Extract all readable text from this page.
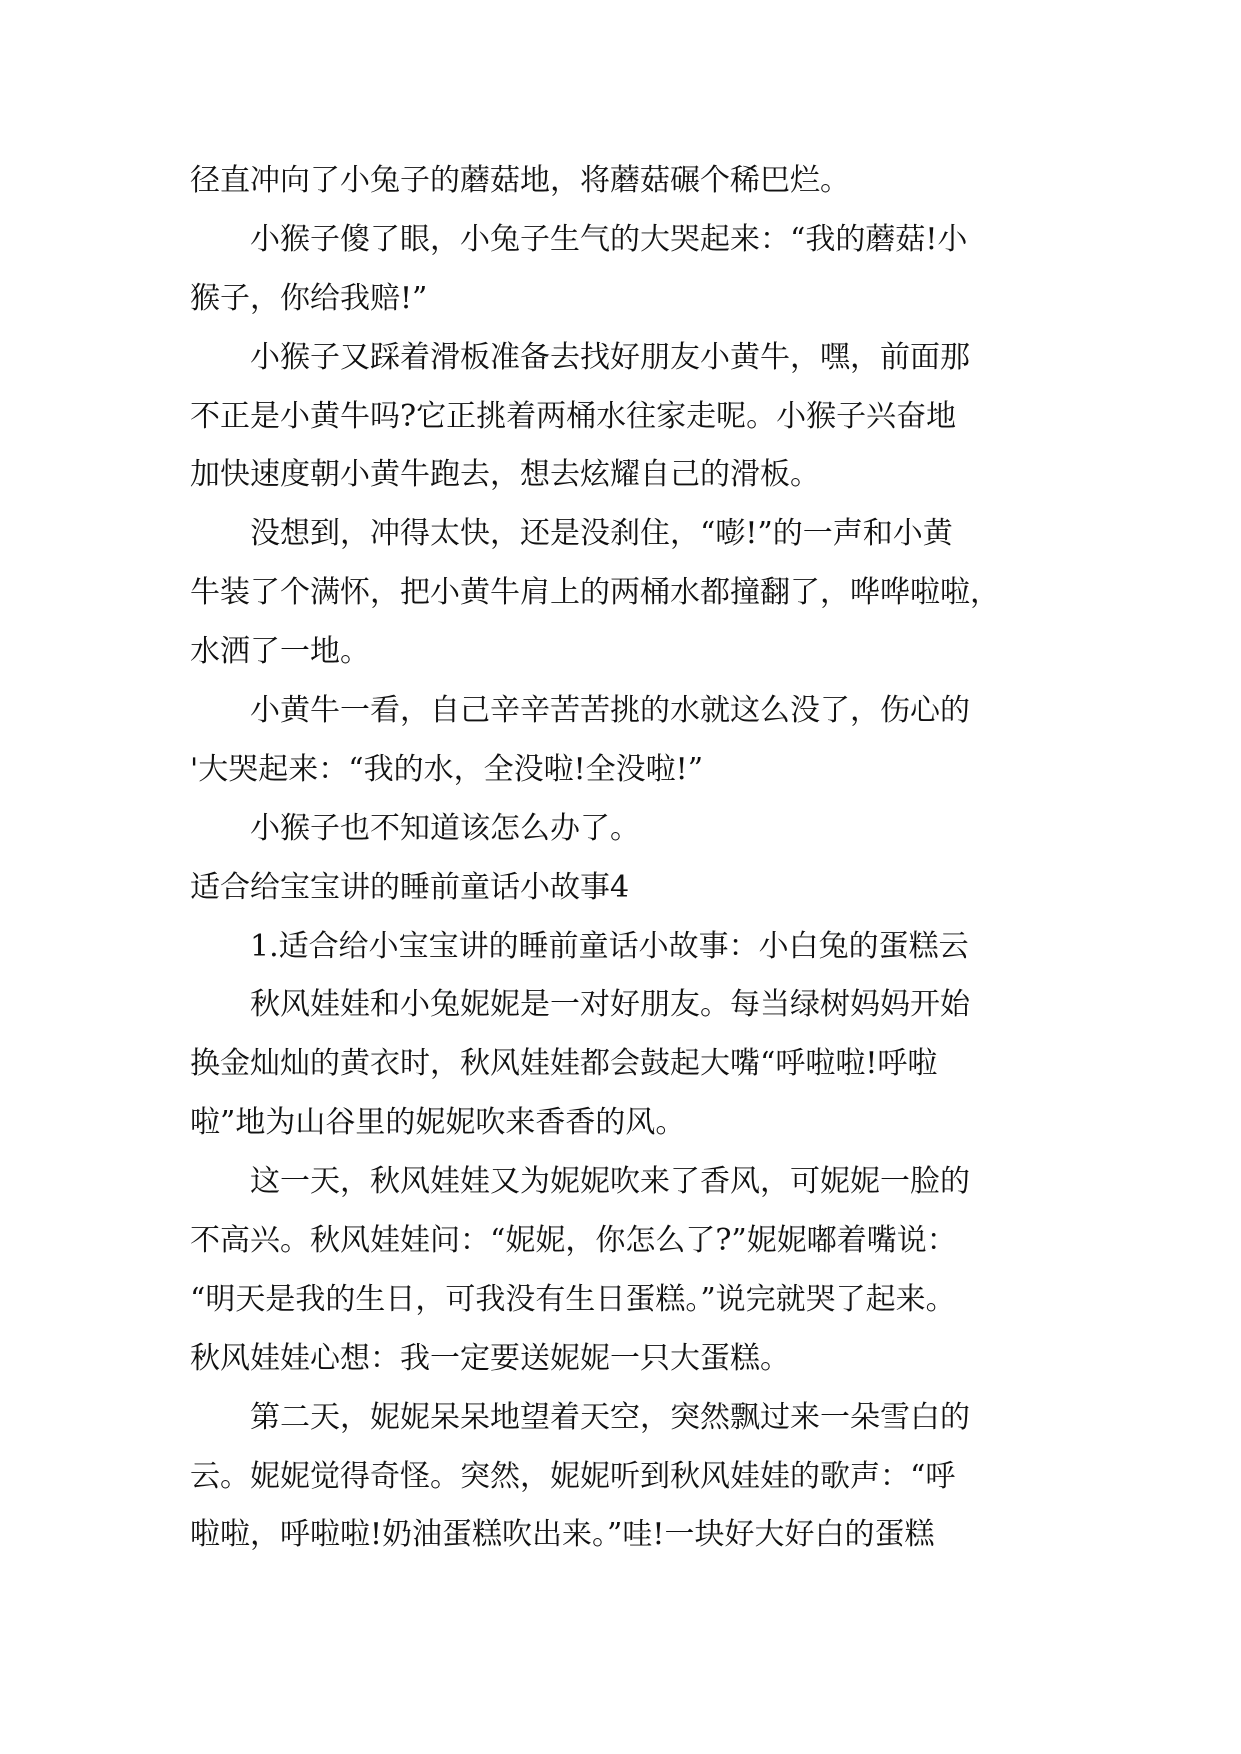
径直冲向了小兔子的蘑菇地，将蘑菇碾个稀巴烂。
小猴子傻了眼，小兔子生气的大哭起来：“我的蘑菇!小
猴子，你给我赔!”
小猴子又踩着滑板准备去找好朋友小黄牛，嘿，前面那
不正是小黄牛吗?它正挑着两桶水往家走呢。小猴子兴奋地
加快速度朝小黄牛跑去，想去炫耀自己的滑板。
没想到，冲得太快，还是没刹住，“嘭!”的一声和小黄
牛装了个满怀，把小黄牛肩上的两桶水都撞翻了，哗哗啦啦，
水洒了一地。
小黄牛一看，自己辛辛苦苦挑的水就这么没了，伤心的
'大哭起来：“我的水，全没啦!全没啦!”
小猴子也不知道该怎么办了。
适合给宝宝讲的睡前童话小故事4
1.适合给小宝宝讲的睡前童话小故事：小白兔的蛋糕云
秋风娃娃和小兔妮妮是一对好朋友。每当绿树妈妈开始
换金灿灿的黄衣时，秋风娃娃都会鼓起大嘴“呼啦啦!呼啦
啦”地为山谷里的妮妮吹来香香的风。
这一天，秋风娃娃又为妮妮吹来了香风，可妮妮一脸的
不高兴。秋风娃娃问：“妮妮，你怎么了?”妮妮嘟着嘴说：
“明天是我的生日，可我没有生日蛋糕。”说完就哭了起来。
秋风娃娃心想：我一定要送妮妮一只大蛋糕。
第二天，妮妮呆呆地望着天空，突然飘过来一朵雪白的
云。妮妮觉得奇怪。突然，妮妮听到秋风娃娃的歌声：“呼
啦啦，呼啦啦!奶油蛋糕吹出来。”哇!一块好大好白的蛋糕
